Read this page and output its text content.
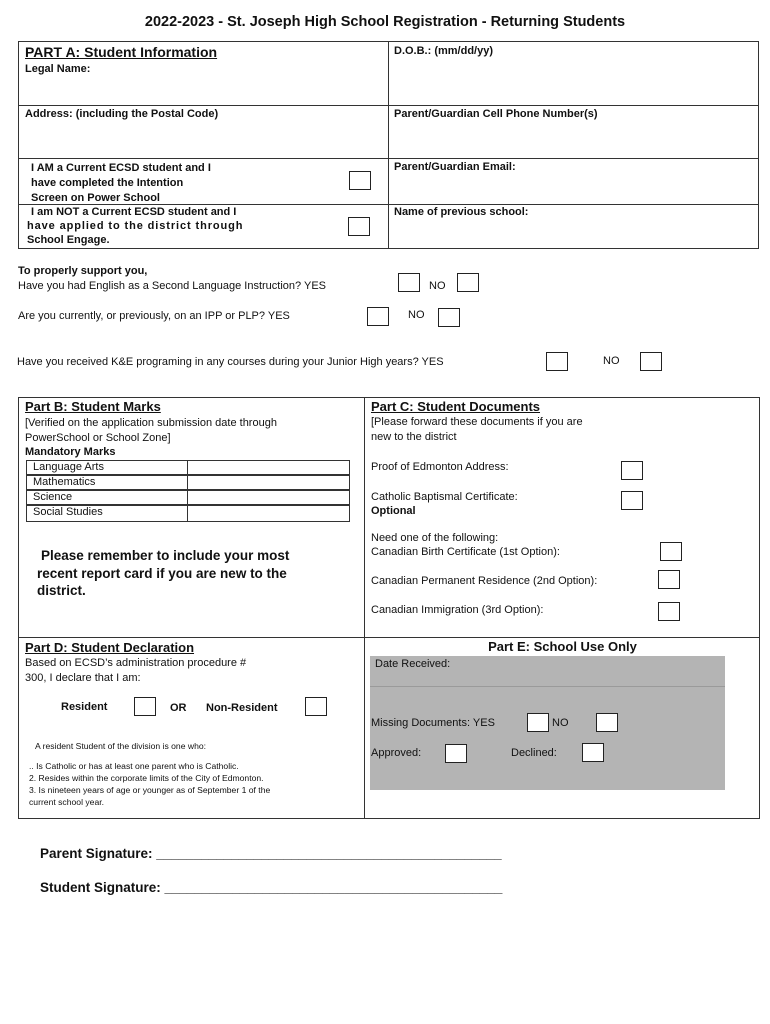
2022-2023 - St. Joseph High School Registration - Returning Students
PART A: Student Information
Legal Name:
D.O.B.: (mm/dd/yy)
Address: (including the Postal Code)	Parent/Guardian Cell Phone Number(s)
I AM a Current ECSD student and I
have completed the Intention
Screen on Power School
Parent/Guardian Email:
I am NOT a Current ECSD student and I
have applied to the district through
School Engage.
Name of previous school:
To properly support you,
Have you had English as a Second Language Instruction? YES	NO
Are you currently, or previously, on an IPP or PLP? YES	NO
Have you received K&E programing in any courses during your Junior High years? YES	NO
Part B: Student Marks
[Verified on the application submission date through
PowerSchool or School Zone]
Mandatory Marks
Language Arts
Mathematics
Science
Social Studies
Please remember to include your most
recent report card if you are new to the
district.
Part C: Student Documents
[Please forward these documents if you are
new to the district
Proof of Edmonton Address:
Catholic Baptismal Certificate:
Optional
Need one of the following:
Canadian Birth Certificate (1st Option):
Canadian Permanent Residence (2nd Option):
Canadian Immigration (3rd Option):
Part D: Student Declaration
Based on ECSD’s administration procedure #
300, I declare that I am:
Resident	OR Non-Resident
A resident Student of the division is one who:
.. Is Catholic or has at least one parent who is Catholic.
2. Resides within the corporate limits of the City of Edmonton.
3. Is nineteen years of age or younger as of September 1 of the
current school year.
Part E: School Use Only
Date Received:
Missing Documents: YES	NO
Approved:	Declined:
Parent Signature: ______________________________________________
Student Signature: _____________________________________________
